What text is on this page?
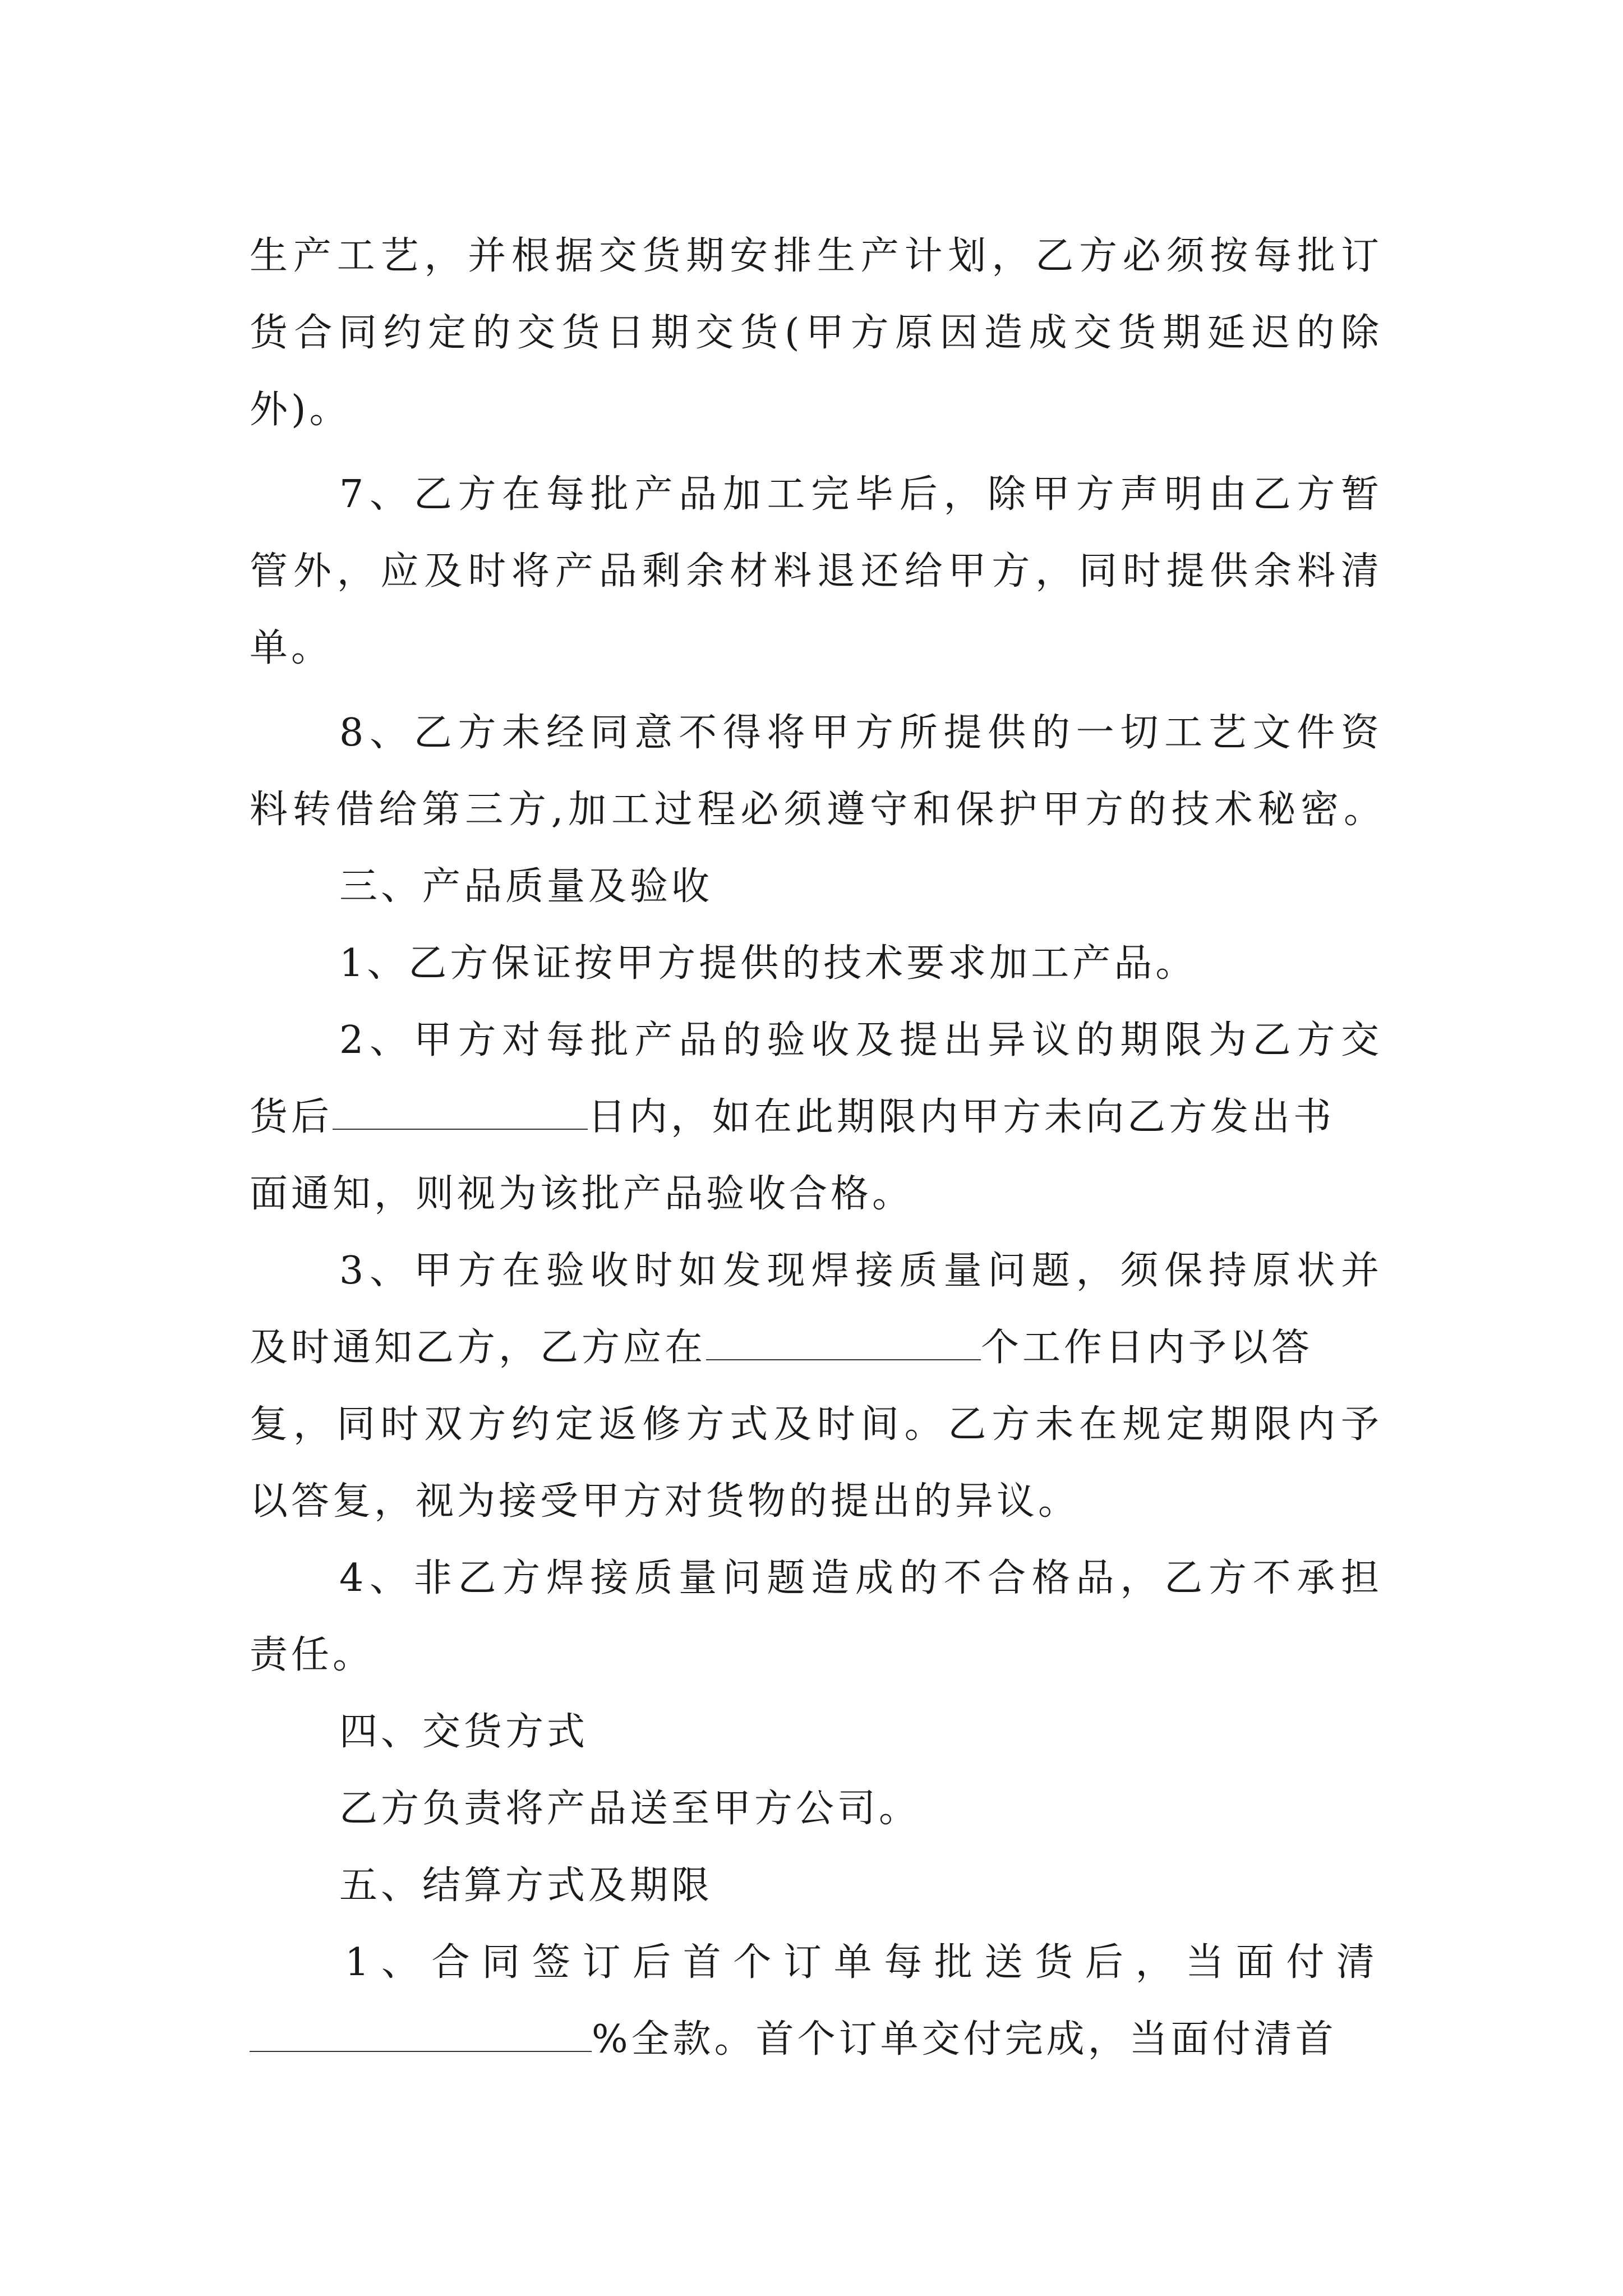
生产工艺，并根据交货期安排生产计划，乙方必须按每批订
货合同约定的交货日期交货(甲方原因造成交货期延迟的除
外)。
7、乙方在每批产品加工完毕后，除甲方声明由乙方暂
管外，应及时将产品剩余材料退还给甲方，同时提供余料清
单。
8、乙方未经同意不得将甲方所提供的一切工艺文件资
料转借给第三方,加工过程必须遵守和保护甲方的技术秘密。
三、产品质量及验收
1、乙方保证按甲方提供的技术要求加工产品。
2、甲方对每批产品的验收及提出异议的期限为乙方交
货后	日内，如在此期限内甲方未向乙方发出书
面通知，则视为该批产品验收合格。
3、甲方在验收时如发现焊接质量问题，须保持原状并
及时通知乙方，乙方应在	个工作日内予以答
复，同时双方约定返修方式及时间。乙方未在规定期限内予
以答复，视为接受甲方对货物的提出的异议。
4、非乙方焊接质量问题造成的不合格品，乙方不承担
责任。
四、交货方式
乙方负责将产品送至甲方公司。
五、结算方式及期限
1、合同签订后首个订单每批送货后，当面付清
%全款。首个订单交付完成，当面付清首
